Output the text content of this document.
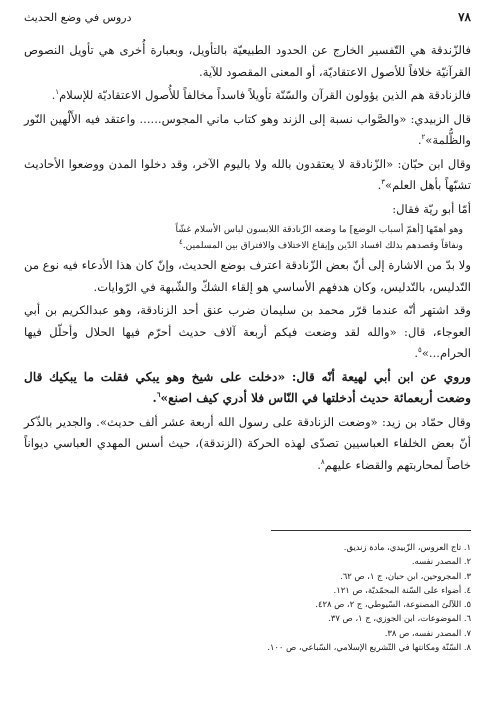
٧٨
دروس في وضع الحديث

فالزّندقة هي التّفسير الخارج عن الحدود الطبيعيّة بالتأويل، وبعبارة أُخرى هي تأويل النصوص القرآنيّة خلافاً للأصول الاعتقاديّة، أو المعنى المقصود للآية.

فالزنادقة هم الذين يؤولون القرآن والسّنّة تأويلاً فاسداً مخالفاً للأُصول الاعتقاديّة للإسلام$^١$.

قال الزبيدي: «والصَّواب نسبة إلى الزند وهو كتاب ماني المجوس...... واعتقد فيه الأَلْهين النّور والظُّلمة»$^٢$.

وقال ابن حبّان: «الزّنادقة لا يعتقدون بالله ولا باليوم الآخر، وقد دخلوا المدن ووضعوا الأحاديث تشبّهاً بأهل العلم»$^٣$.

أمّا أبو ريّة فقال:

وهو أهمّها [أهمّ أسباب الوضع] ما وضعه الزّنادقة اللابسون لباس الأسلام غشّاً
ونفاقاً وقصدهم بذلك افساد الدّين وإيقاع الاختلاف والافتراق بين المسلمين.$^٤$

ولا بدّ من الاشارة إلى أنّ بعض الزّنادقة اعترف بوضع الحديث، وإنّ كان هذا الأدعاء فيه نوع من التّدليس، بالتّدليس، وكان هدفهم الأساسي هو إلقاء الشكّ والشّبهة في الرّوايات.

وقد اشتهر أنّه عندما قرّر محمد بن سليمان ضرب عنق أحد الزنادقة، وهو عبدالكريم بن أبي العوجاء، قال: «والله لقد وضعت فيكم أربعة آلاف حديث أحرّم فيها الحلال وأحلّل فيها الحرام...»$^٥$.

وروي عن ابن أبي لهيعة أنّه قال: «دخلت على شيخ وهو يبكي فقلت ما يبكيك قال وضعت أربعمائة حديث أدخلتها في النّاس فلا أدري كيف اصنع»$^٦$.

وقال حمّاد بن زيد: «وضعت الزنادقة على رسول الله أربعة عشر ألف حديث». والجدير بالذّكر أنّ بعض الخلفاء العباسيين تصدّى لهذه الحركة (الزندقة)، حيث أسس المهدي العباسي ديواناً خاصاً لمحاربتهم والقضاء عليهم$^٨$.

١. تاج العروس، الزّبيدي، مادة زنديق.
٢. المصدر نفسه.
٣. المجروحين، ابن حبان، ج ١، ص ٦٢.
٤. أضواء على السّنة المحمّديّة، ص ١٢١.
٥. اللآلئ المصنوعة، السّيوطي، ج ٢، ص ٤٢٨.
٦. الموضوعات، ابن الجوزي، ج ١، ص ٣٧.
٧. المصدر نفسه، ص ٣٨.
٨. السّنّة ومكانتها في التّشريع الإسلامي، السّباعي، ص ١٠٠.
